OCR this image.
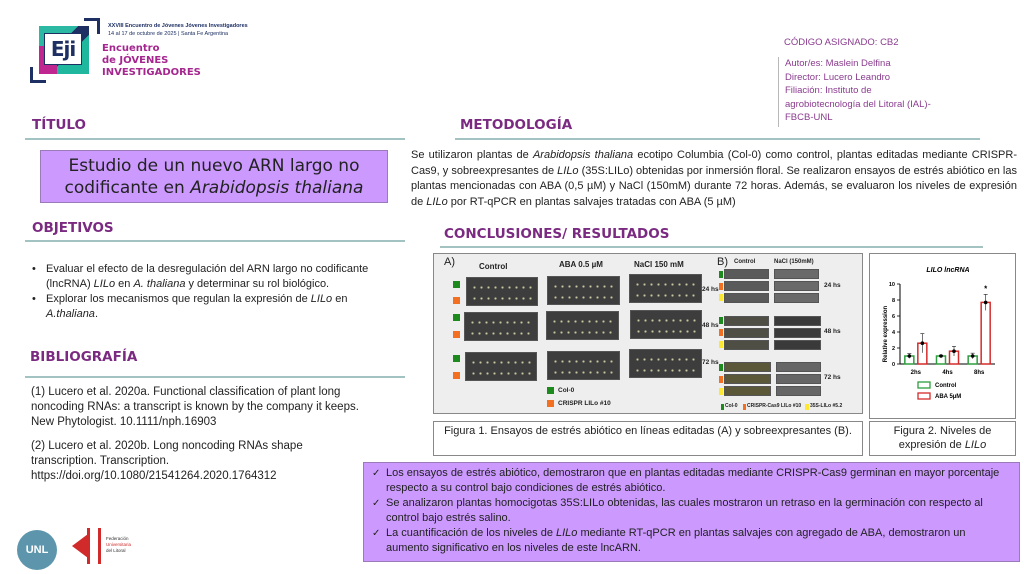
Eji
XXVIII Encuentro de Jóvenes Jóvenes Investigadores
14 al 17 de octubre de 2025 | Santa Fe Argentina
Encuentro
de JÓVENES
INVESTIGADORES
CÓDIGO ASIGNADO: CB2
Autor/es: Maslein Delfina
Director: Lucero Leandro
Filiación: Instituto de
agrobiotecnología del Litoral (IAL)-
FBCB-UNL
TÍTULO
Estudio de un nuevo ARN largo no
codificante en Arabidopsis thaliana
OBJETIVOS
• Evaluar el efecto de la desregulación del ARN largo no codificante (lncRNA) LILo en A. thaliana y determinar su rol biológico.
• Explorar los mecanismos que regulan la expresión de LILo en A.thaliana.
BIBLIOGRAFÍA

(1) Lucero et al. 2020a. Functional classification of plant long noncoding RNAs: a transcript is known by the company it keeps. New Phytologist. 10.1111/nph.16903

(2) Lucero et al. 2020b. Long noncoding RNAs shape transcription. Transcription. https://doi.org/10.1080/21541264.2020.1764312

UNL
Federación
Universitaria
del Litoral
METODOLOGÍA
Se utilizaron plantas de Arabidopsis thaliana ecotipo Columbia (Col-0) como control, plantas editadas mediante CRISPR- Cas9, y sobreexpresantes de LILo (35S:LILo) obtenidas por inmersión floral. Se realizaron ensayos de estrés abiótico en las plantas mencionadas con ABA (0,5 µM) y NaCl (150mM) durante 72 horas. Además, se evaluaron los niveles de expresión de LILo por RT-qPCR en plantas salvajes tratadas con ABA (5 µM)
CONCLUSIONES/ RESULTADOS
A)	Control	ABA 0.5 µM	NaCl 150 mM
24 hs
48 hs
72 hs
Col-0
CRISPR LILo #10
B) Control	NaCl (150mM)
24 hs
48 hs
72 hs
Col-0 CRISPR-Cas9 LILo #10 35S-LILo #5.2
Figura 1. Ensayos de estrés abiótico en líneas editadas (A) y sobreexpresantes (B).
LILO lncRNA
Relative expression
0
2
4
6
8
10
2hs	4hs	8hs
*
Control
ABA 5µM
Figura 2. Niveles de expresión de LILo
✓ Los ensayos de estrés abiótico, demostraron que en plantas editadas mediante CRISPR-Cas9 germinan en mayor porcentaje respecto a su control bajo condiciones de estrés abiótico.
✓ Se analizaron plantas homocigotas 35S:LILo obtenidas, las cuales mostraron un retraso en la germinación con respecto al control bajo estrés salino.
✓ La cuantificación de los niveles de LILo mediante RT-qPCR en plantas salvajes con agregado de ABA, demostraron un aumento significativo en los niveles de este lncARN.
